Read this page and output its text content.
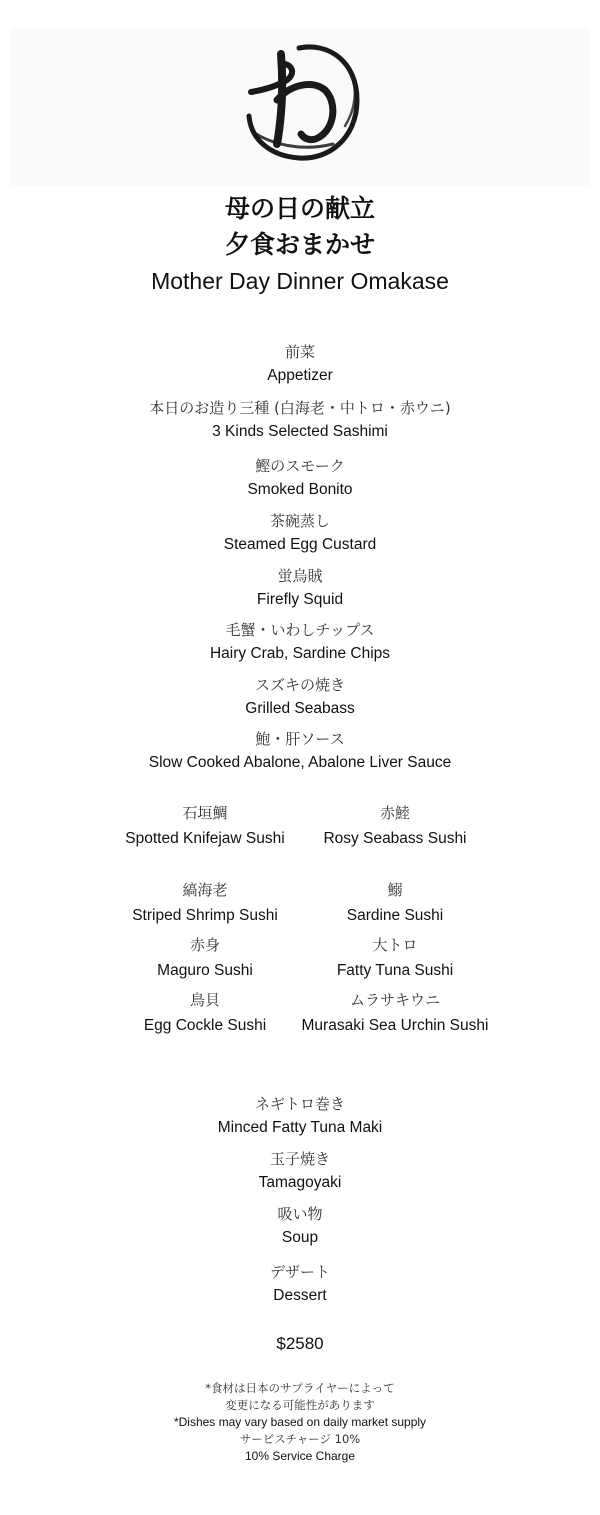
母の日の献立
夕食おまかせ
Mother Day Dinner Omakase
前菜
Appetizer
本日のお造り三種 (白海老・中トロ・赤ウニ)
3 Kinds Selected Sashimi
鰹のスモーク
Smoked Bonito
茶碗蒸し
Steamed Egg Custard
蛍烏賊
Firefly Squid
毛蟹・いわしチップス
Hairy Crab, Sardine Chips
スズキの焼き
Grilled Seabass
鮑・肝ソース
Slow Cooked Abalone, Abalone Liver Sauce
石垣鯛
Spotted Knifejaw Sushi
赤鯥
Rosy Seabass Sushi
縞海老
Striped Shrimp Sushi
鰯
Sardine Sushi
赤身
Maguro Sushi
大トロ
Fatty Tuna Sushi
鳥貝
Egg Cockle Sushi
ムラサキウニ
Murasaki Sea Urchin Sushi
ネギトロ巻き
Minced Fatty Tuna Maki
玉子焼き
Tamagoyaki
吸い物
Soup
デザート
Dessert
$2580
*食材は日本のサプライヤーによって
変更になる可能性があります
*Dishes may vary based on daily market supply
サービスチャージ 10%
10% Service Charge
